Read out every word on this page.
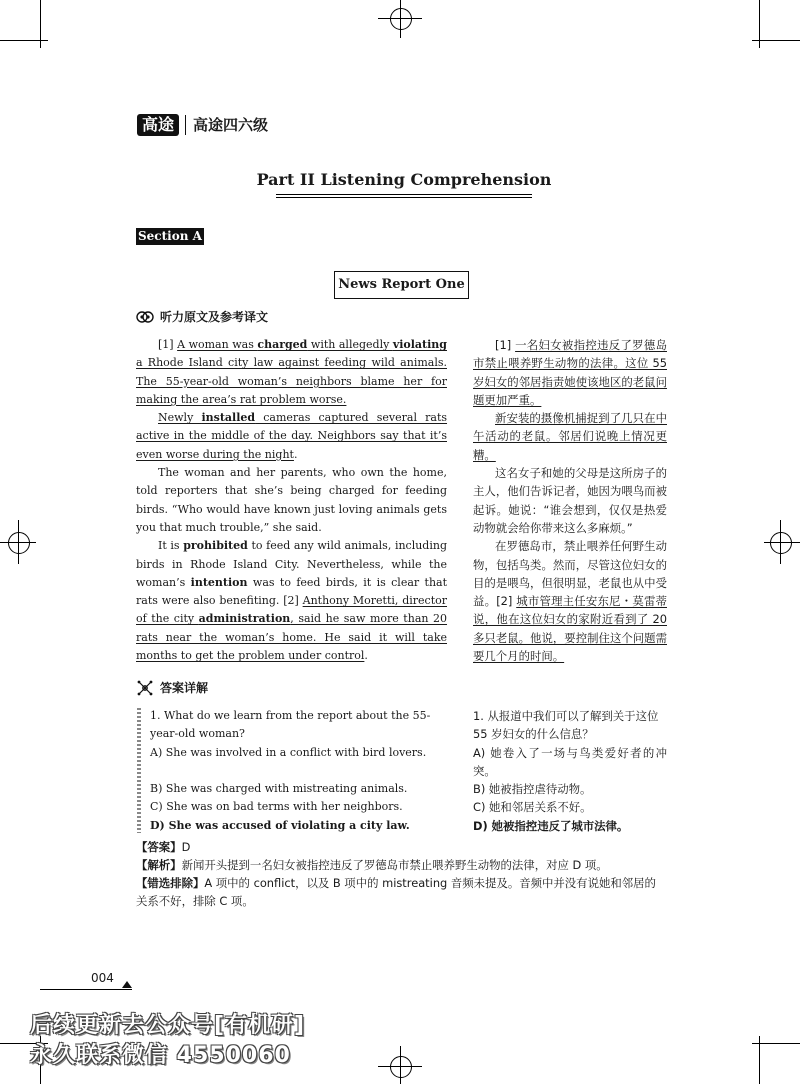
高途	高途四六级
Part II Listening Comprehension
Section A
News Report One
听力原文及参考译文

[1] A woman was charged with allegedly violating a Rhode Island city law against feeding wild animals. The 55-year-old woman’s neighbors blame her for making the area’s rat problem worse.

Newly installed cameras captured several rats active in the middle of the day. Neighbors say that it’s even worse during the night.

The woman and her parents, who own the home, told reporters that she’s being charged for feeding birds. “Who would have known just loving animals gets you that much trouble,” she said.

It is prohibited to feed any wild animals, including birds in Rhode Island City. Nevertheless, while the woman’s intention was to feed birds, it is clear that rats were also benefiting. [2] Anthony Moretti, director of the city administration, said he saw more than 20 rats near the woman’s home. He said it will take months to get the problem under control.

[1] 一名妇女被指控违反了罗德岛市禁止喂养野生动物的法律。这位 55 岁妇女的邻居指责她使该地区的老鼠问题更加严重。

新安装的摄像机捕捉到了几只在中午活动的老鼠。邻居们说晚上情况更糟。

这名女子和她的父母是这所房子的主人，他们告诉记者，她因为喂鸟而被起诉。她说：“谁会想到，仅仅是热爱动物就会给你带来这么多麻烦。”

在罗德岛市，禁止喂养任何野生动物，包括鸟类。然而，尽管这位妇女的目的是喂鸟，但很明显，老鼠也从中受益。[2] 城市管理主任安东尼・莫雷蒂说，他在这位妇女的家附近看到了 20 多只老鼠。他说，要控制住这个问题需要几个月的时间。

答案详解
1. What do we learn from the report about the 55-year-old woman?
A) She was involved in a conflict with bird lovers.
B) She was charged with mistreating animals.
C) She was on bad terms with her neighbors.
D) She was accused of violating a city law.
1. 从报道中我们可以了解到关于这位 55 岁妇女的什么信息？
A) 她卷入了一场与鸟类爱好者的冲突。
B) 她被指控虐待动物。
C) 她和邻居关系不好。
D) 她被指控违反了城市法律。
【答案】D
【解析】新闻开头提到一名妇女被指控违反了罗德岛市禁止喂养野生动物的法律，对应 D 项。
【错选排除】A 项中的 conflict，以及 B 项中的 mistreating 音频未提及。音频中并没有说她和邻居的关系不好，排除 C 项。
004
后续更新去公众号[有机研]
永久联系微信 4550060
